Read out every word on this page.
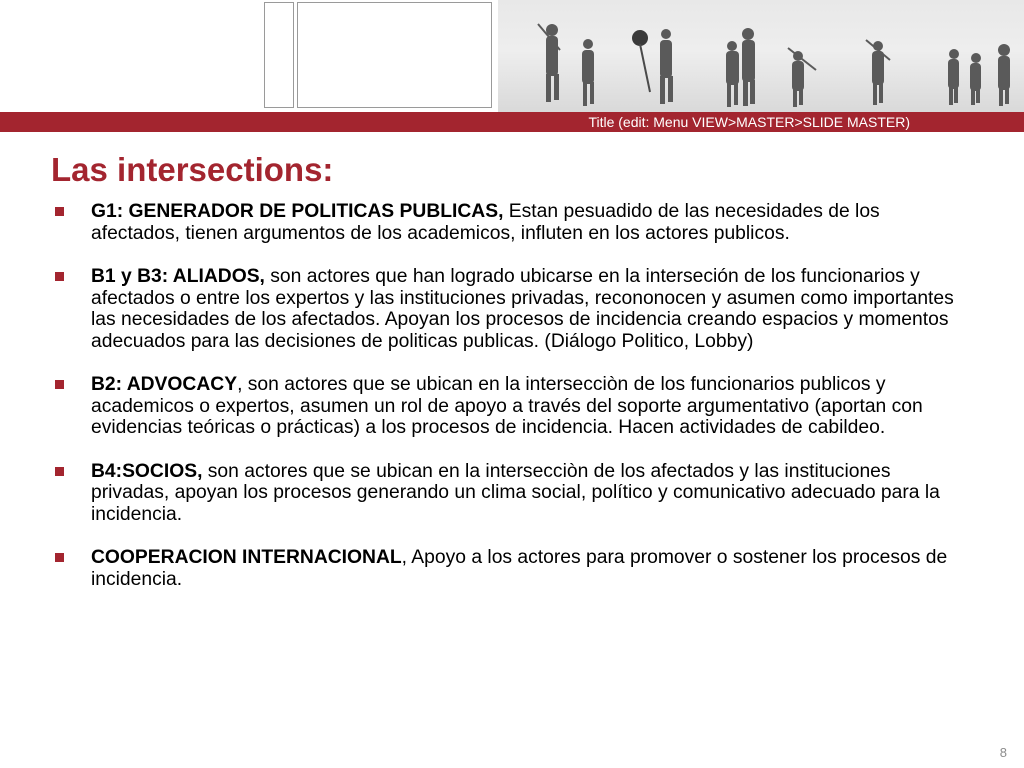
Title (edit: Menu VIEW>MASTER>SLIDE MASTER)
Las intersections:
G1: GENERADOR DE POLITICAS PUBLICAS, Estan pesuadido de las necesidades de los afectados, tienen argumentos de los academicos, influten en los actores publicos.
B1 y B3: ALIADOS, son actores que han logrado ubicarse en la interseción de los funcionarios y afectados o entre los expertos y las instituciones privadas, recononocen y asumen como importantes las necesidades de los afectados. Apoyan los procesos de incidencia creando espacios y momentos adecuados para las decisiones de politicas publicas. (Diálogo Politico, Lobby)
B2: ADVOCACY, son actores que se ubican en la intersecciòn de los funcionarios publicos y academicos o expertos, asumen un rol de apoyo a través del soporte argumentativo (aportan con evidencias teóricas o prácticas) a los procesos de incidencia. Hacen actividades de cabildeo.
B4:SOCIOS, son actores que se ubican en la intersecciòn de los afectados y las instituciones privadas, apoyan los procesos generando un clima social, político y comunicativo adecuado para la incidencia.
COOPERACION INTERNACIONAL, Apoyo a los actores para promover o sostener los procesos de incidencia.
8
